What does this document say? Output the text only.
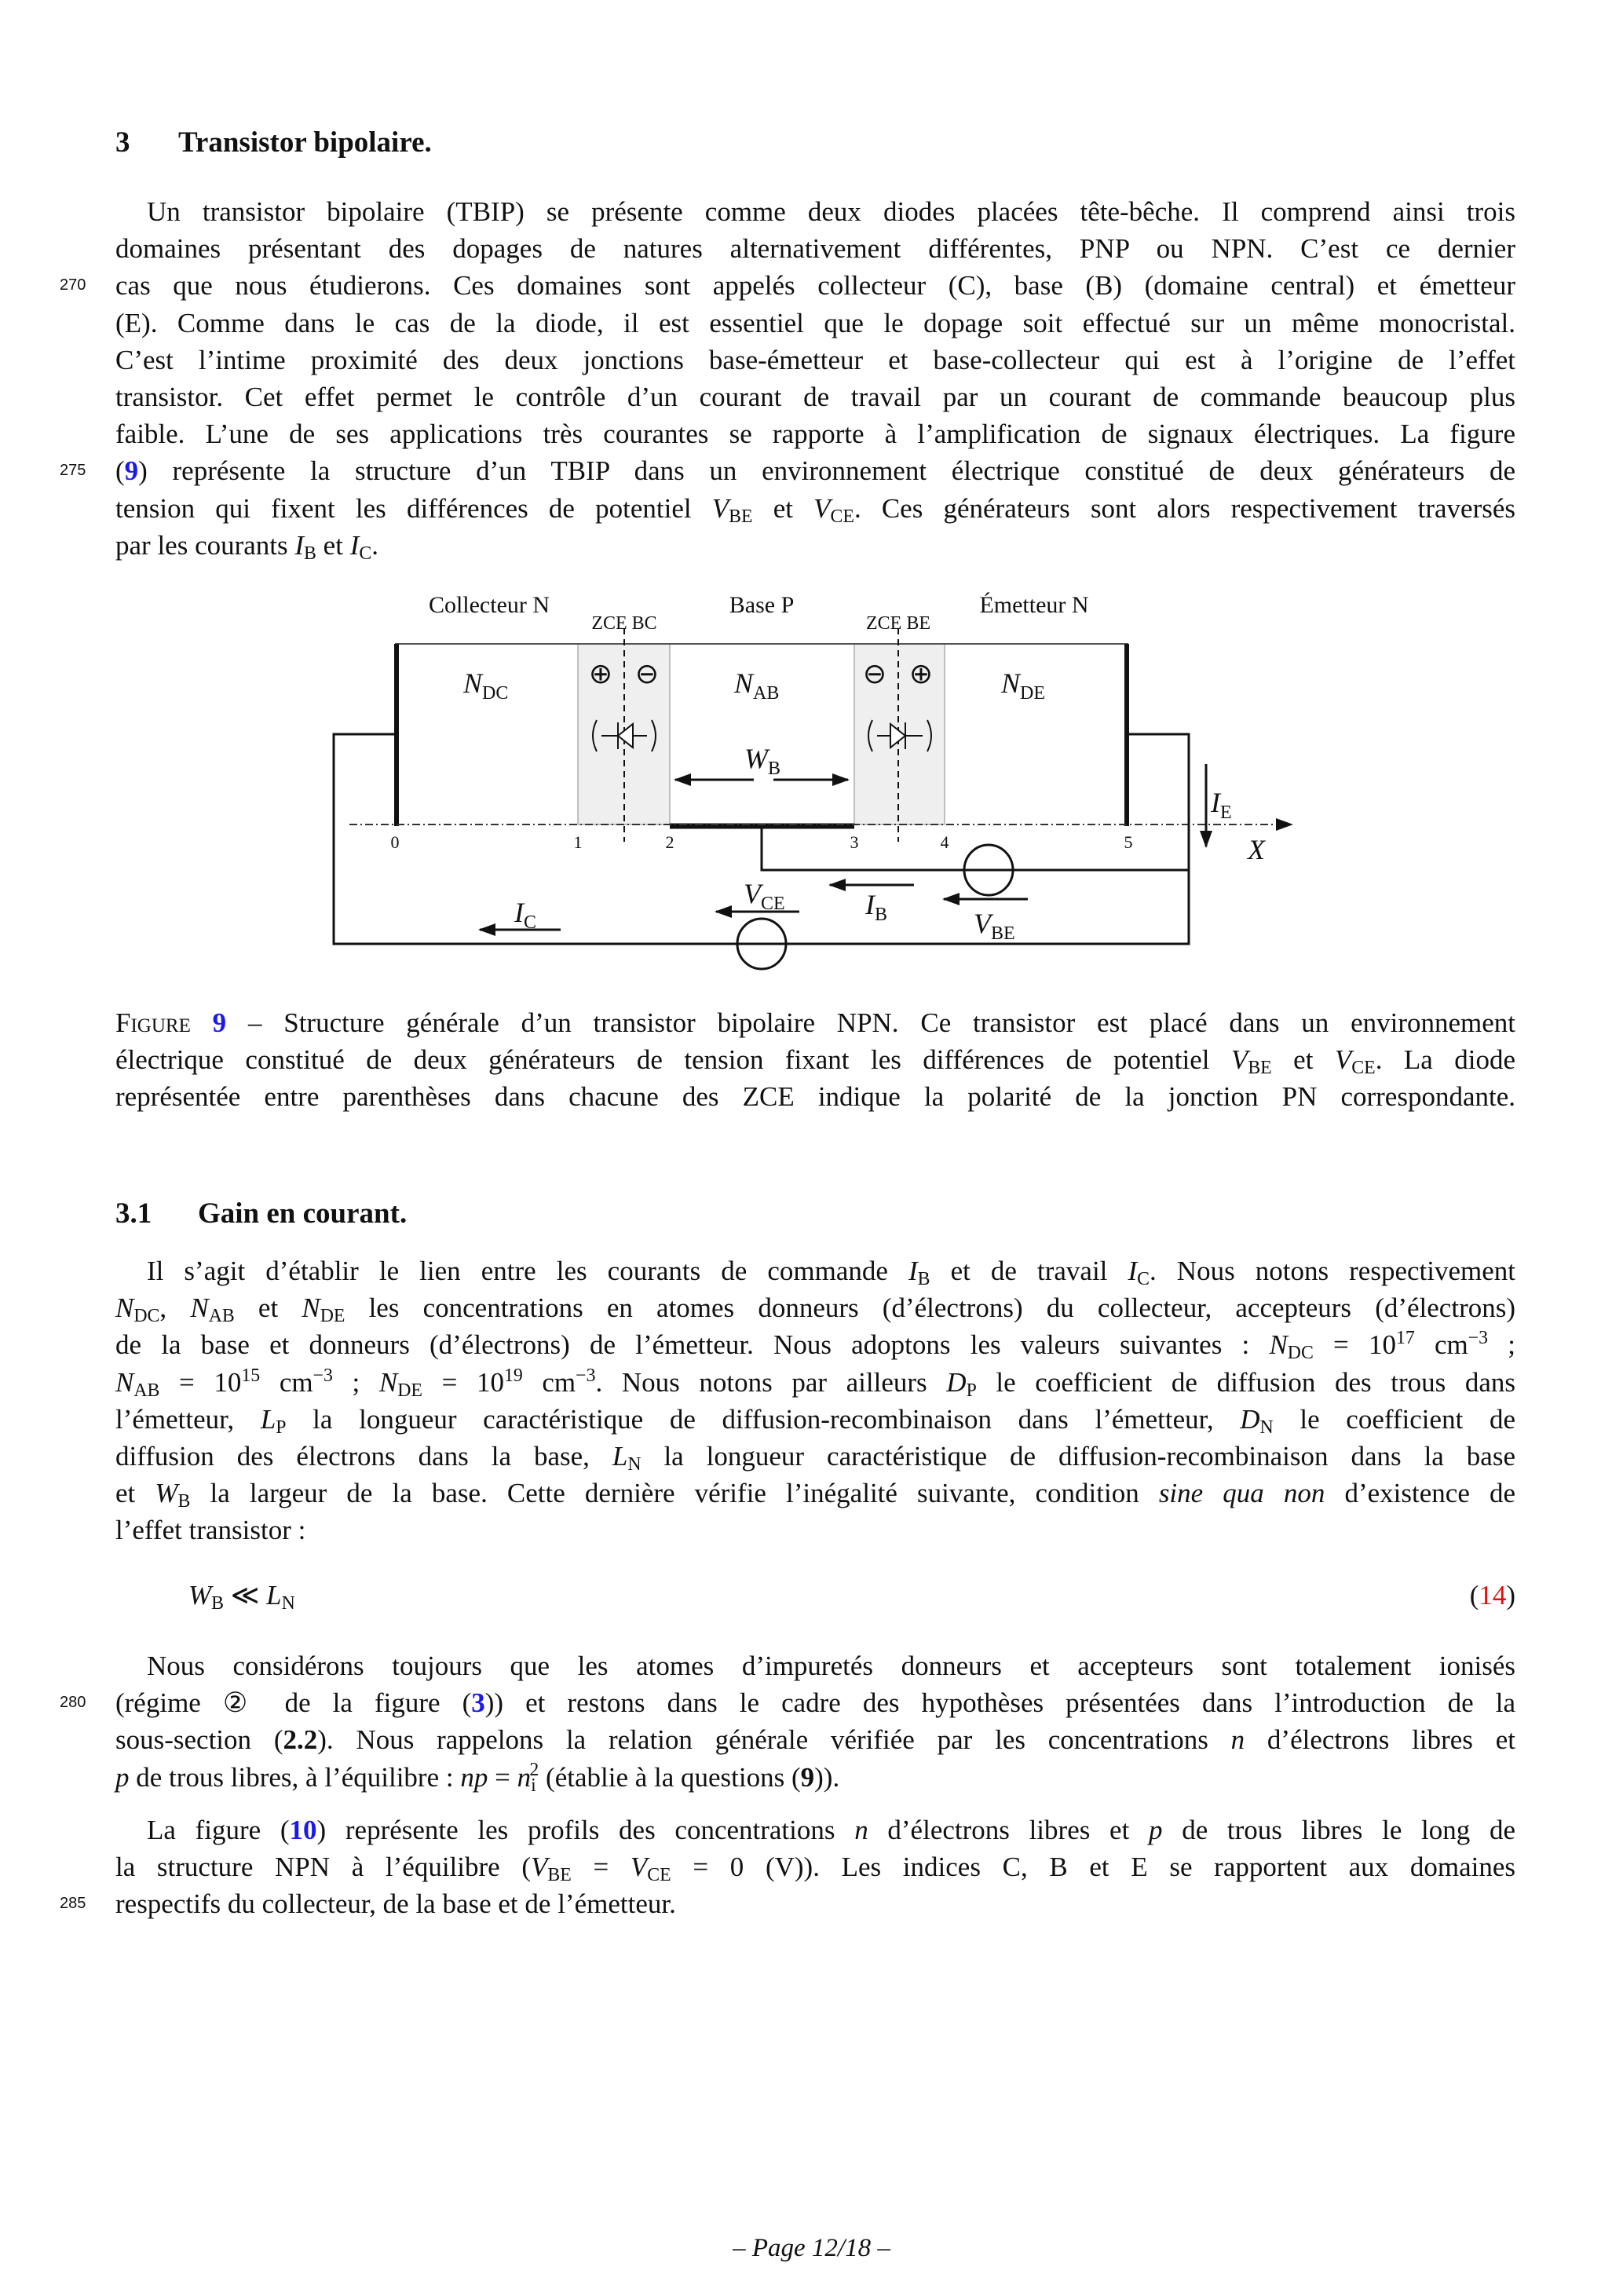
3 Transistor bipolaire.
Un transistor bipolaire (TBIP) se présente comme deux diodes placées tête-bêche. Il comprend ainsi trois
domaines présentant des dopages de natures alternativement différentes, PNP ou NPN. C’est ce dernier
cas que nous étudierons. Ces domaines sont appelés collecteur (C), base (B) (domaine central) et émetteur
(E). Comme dans le cas de la diode, il est essentiel que le dopage soit effectué sur un même monocristal.
C’est l’intime proximité des deux jonctions base-émetteur et base-collecteur qui est à l’origine de l’effet
transistor. Cet effet permet le contrôle d’un courant de travail par un courant de commande beaucoup plus
faible. L’une de ses applications très courantes se rapporte à l’amplification de signaux électriques. La figure
(9) représente la structure d’un TBIP dans un environnement électrique constitué de deux générateurs de
tension qui fixent les différences de potentiel $V_{BE}$ et $V_{CE}$. Ces générateurs sont alors respectivement traversés
par les courants $I_B$ et $I_C$.
270
275
280
285
Collecteur N	Base P	Émetteur N
ZCE BC	ZCE BE
$N_{DC}$	$N_{AB}$	$N_{DE}$
⊕ ⊖	⊖ ⊕
$W_B$
0	1	2	3	4	5	X
$I_E$
$I_B$	$V_{BE}$
$V_{CE}$
$I_C$
Figure 9 – Structure générale d’un transistor bipolaire NPN. Ce transistor est placé dans un environnement
électrique constitué de deux générateurs de tension fixant les différences de potentiel $V_{BE}$ et $V_{CE}$. La diode
représentée entre parenthèses dans chacune des ZCE indique la polarité de la jonction PN correspondante.
3.1 Gain en courant.
Il s’agit d’établir le lien entre les courants de commande $I_B$ et de travail $I_C$. Nous notons respectivement
$N_{DC}$, $N_{AB}$ et $N_{DE}$ les concentrations en atomes donneurs (d’électrons) du collecteur, accepteurs (d’électrons)
de la base et donneurs (d’électrons) de l’émetteur. Nous adoptons les valeurs suivantes : $N_{DC} = 10^{17}$ $cm^{-3}$ ;
$N_{AB} = 10^{15}$ $cm^{-3}$ ; $N_{DE} = 10^{19}$ $cm^{-3}$. Nous notons par ailleurs $D_P$ le coefficient de diffusion des trous dans
l’émetteur, $L_P$ la longueur caractéristique de diffusion-recombinaison dans l’émetteur, $D_N$ le coefficient de
diffusion des électrons dans la base, $L_N$ la longueur caractéristique de diffusion-recombinaison dans la base
et $W_B$ la largeur de la base. Cette dernière vérifie l’inégalité suivante, condition sine qua non d’existence de
l’effet transistor :
$W_B$ ≪ $L_N$	(14)
Nous considérons toujours que les atomes d’impuretés donneurs et accepteurs sont totalement ionisés
(régime ② de la figure (3)) et restons dans le cadre des hypothèses présentées dans l’introduction de la
sous-section (2.2). Nous rappelons la relation générale vérifiée par les concentrations n d’électrons libres et
p de trous libres, à l’équilibre : np = $n_i^2$ (établie à la questions (9)).
La figure (10) représente les profils des concentrations n d’électrons libres et p de trous libres le long de
la structure NPN à l’équilibre ($V_{BE} = V_{CE} = 0$ (V)). Les indices C, B et E se rapportent aux domaines
respectifs du collecteur, de la base et de l’émetteur.
– Page 12/18 –
